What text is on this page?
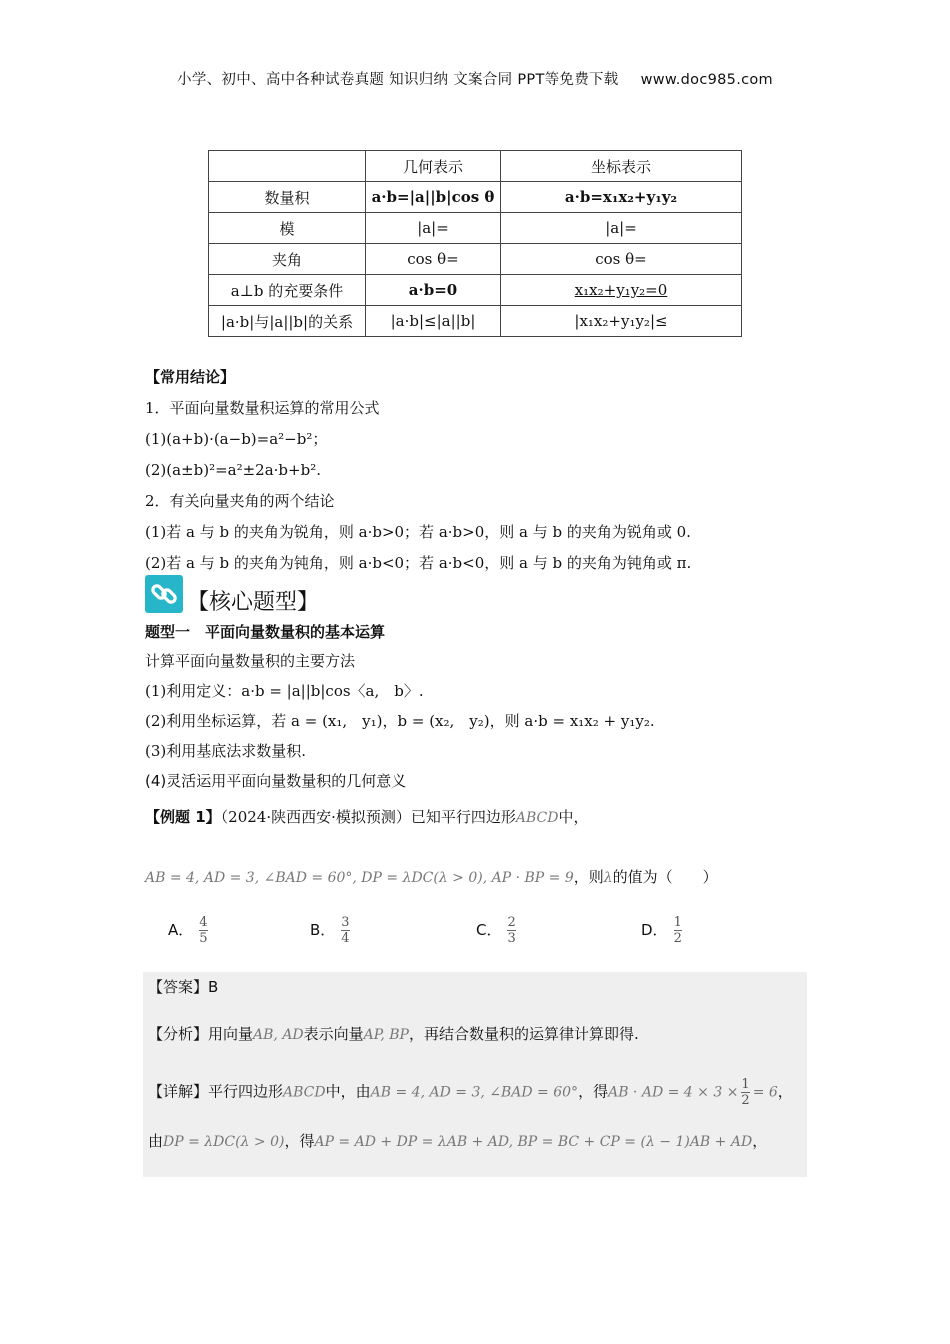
小学、初中、高中各种试卷真题 知识归纳 文案合同 PPT等免费下载 www.doc985.com
	几何表示	坐标表示
数量积	a·b=|a||b|cos θ	a·b=x₁x₂+y₁y₂
模	|a|=	|a|=
夹角	cos θ=	cos θ=
a⊥b 的充要条件	a·b=0	x₁x₂+y₁y₂=0
|a·b|与|a||b|的关系	|a·b|≤|a||b|	|x₁x₂+y₁y₂|≤
【常用结论】
1．平面向量数量积运算的常用公式
(1)(a+b)·(a−b)=a²−b²；
(2)(a±b)²=a²±2a·b+b².
2．有关向量夹角的两个结论
(1)若 a 与 b 的夹角为锐角，则 a·b>0；若 a·b>0，则 a 与 b 的夹角为锐角或 0.
(2)若 a 与 b 的夹角为钝角，则 a·b<0；若 a·b<0，则 a 与 b 的夹角为钝角或 π.
【核心题型】
题型一　平面向量数量积的基本运算
计算平面向量数量积的主要方法
(1)利用定义：a·b = |a||b|cos〈a,　b〉.
(2)利用坐标运算，若 a = (x₁,　y₁)，b = (x₂,　y₂)，则 a·b = x₁x₂ + y₁y₂.
(3)利用基底法求数量积.
(4)灵活运用平面向量数量积的几何意义
【例题 1】（2024·陕西西安·模拟预测）已知平行四边形ABCD中，
AB = 4, AD = 3, ∠BAD = 60°, DP = λDC(λ > 0), AP · BP = 9，则λ的值为（　　）
A． $\frac{4}{5}$	B． $\frac{3}{4}$	C． $\frac{2}{3}$	D． $\frac{1}{2}$
【答案】B
【分析】用向量AB, AD表示向量AP, BP，再结合数量积的运算律计算即得.
【详解】平行四边形ABCD中，由AB = 4, AD = 3, ∠BAD = 60°，得AB · AD = $4 \times 3 \times \frac{1}{2} = 6$，
由DP = λDC(λ > 0)，得AP = AD + DP = λAB + AD, BP = BC + CP = (λ − 1)AB + AD，
